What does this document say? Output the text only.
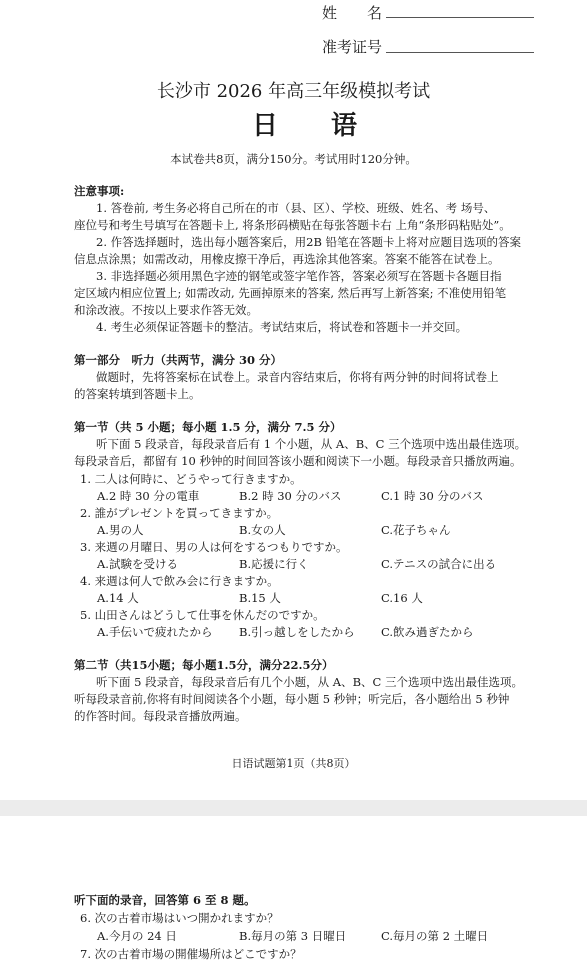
姓　　名
准考证号
长沙市 2026 年高三年级模拟考试
日 语
本试卷共8页，满分150分。考试用时120分钟。
注意事项:
1. 答卷前, 考生务必将自己所在的市（县、区）、学校、班级、姓名、考 场号、
座位号和考生号填写在答题卡上, 将条形码横贴在每张答题卡右 上角“条形码粘贴处”。
2. 作答选择题时，选出每小题答案后，用2B 铅笔在答题卡上将对应题目选项的答案
信息点涂黑；如需改动，用橡皮擦干净后，再选涂其他答案。答案不能答在试卷上。
3. 非选择题必须用黑色字迹的钢笔或签字笔作答，答案必须写在答题卡各题目指
定区域内相应位置上; 如需改动, 先画掉原来的答案, 然后再写上新答案; 不准使用铅笔
和涂改液。不按以上要求作答无效。
4. 考生必须保证答题卡的整洁。考试结束后，将试卷和答题卡一并交回。
第一部分　听力（共两节，满分 30 分）
做题时，先将答案标在试卷上。录音内容结束后，你将有两分钟的时间将试卷上
的答案转填到答题卡上。
第一节（共 5 小题；每小题 1.5 分，满分 7.5 分）
听下面 5 段录音，每段录音后有 1 个小题，从 A、B、C 三个选项中选出最佳选项。
每段录音后，都留有 10 秒钟的时间回答该小题和阅读下一小题。每段录音只播放两遍。
1. 二人は何時に、どうやって行きますか。
A.2 時 30 分の電車	B.2 時 30 分のバス	C.1 時 30 分のバス
2. 誰がプレゼントを買ってきますか。
A.男の人	B.女の人	C.花子ちゃん
3. 来週の月曜日、男の人は何をするつもりですか。
A.試験を受ける	B.応援に行く	C.テニスの試合に出る
4. 来週は何人で飲み会に行きますか。
A.14 人	B.15 人	C.16 人
5. 山田さんはどうして仕事を休んだのですか。
A.手伝いで疲れたから B.引っ越しをしたから C.飲み過ぎたから
第二节（共15小题；每小题1.5分，满分22.5分）
听下面 5 段录音，每段录音后有几个小题，从 A、B、C 三个选项中选出最佳选项。
听每段录音前,你将有时间阅读各个小题，每小题 5 秒钟；听完后，各小题给出 5 秒钟
的作答时间。每段录音播放两遍。
日语试题第1页（共8页）
听下面的录音，回答第 6 至 8 题。
6. 次の古着市場はいつ開かれますか？
A.今月の 24 日	B.毎月の第 3 日曜日	C.毎月の第 2 土曜日
7. 次の古着市場の開催場所はどこですか？
